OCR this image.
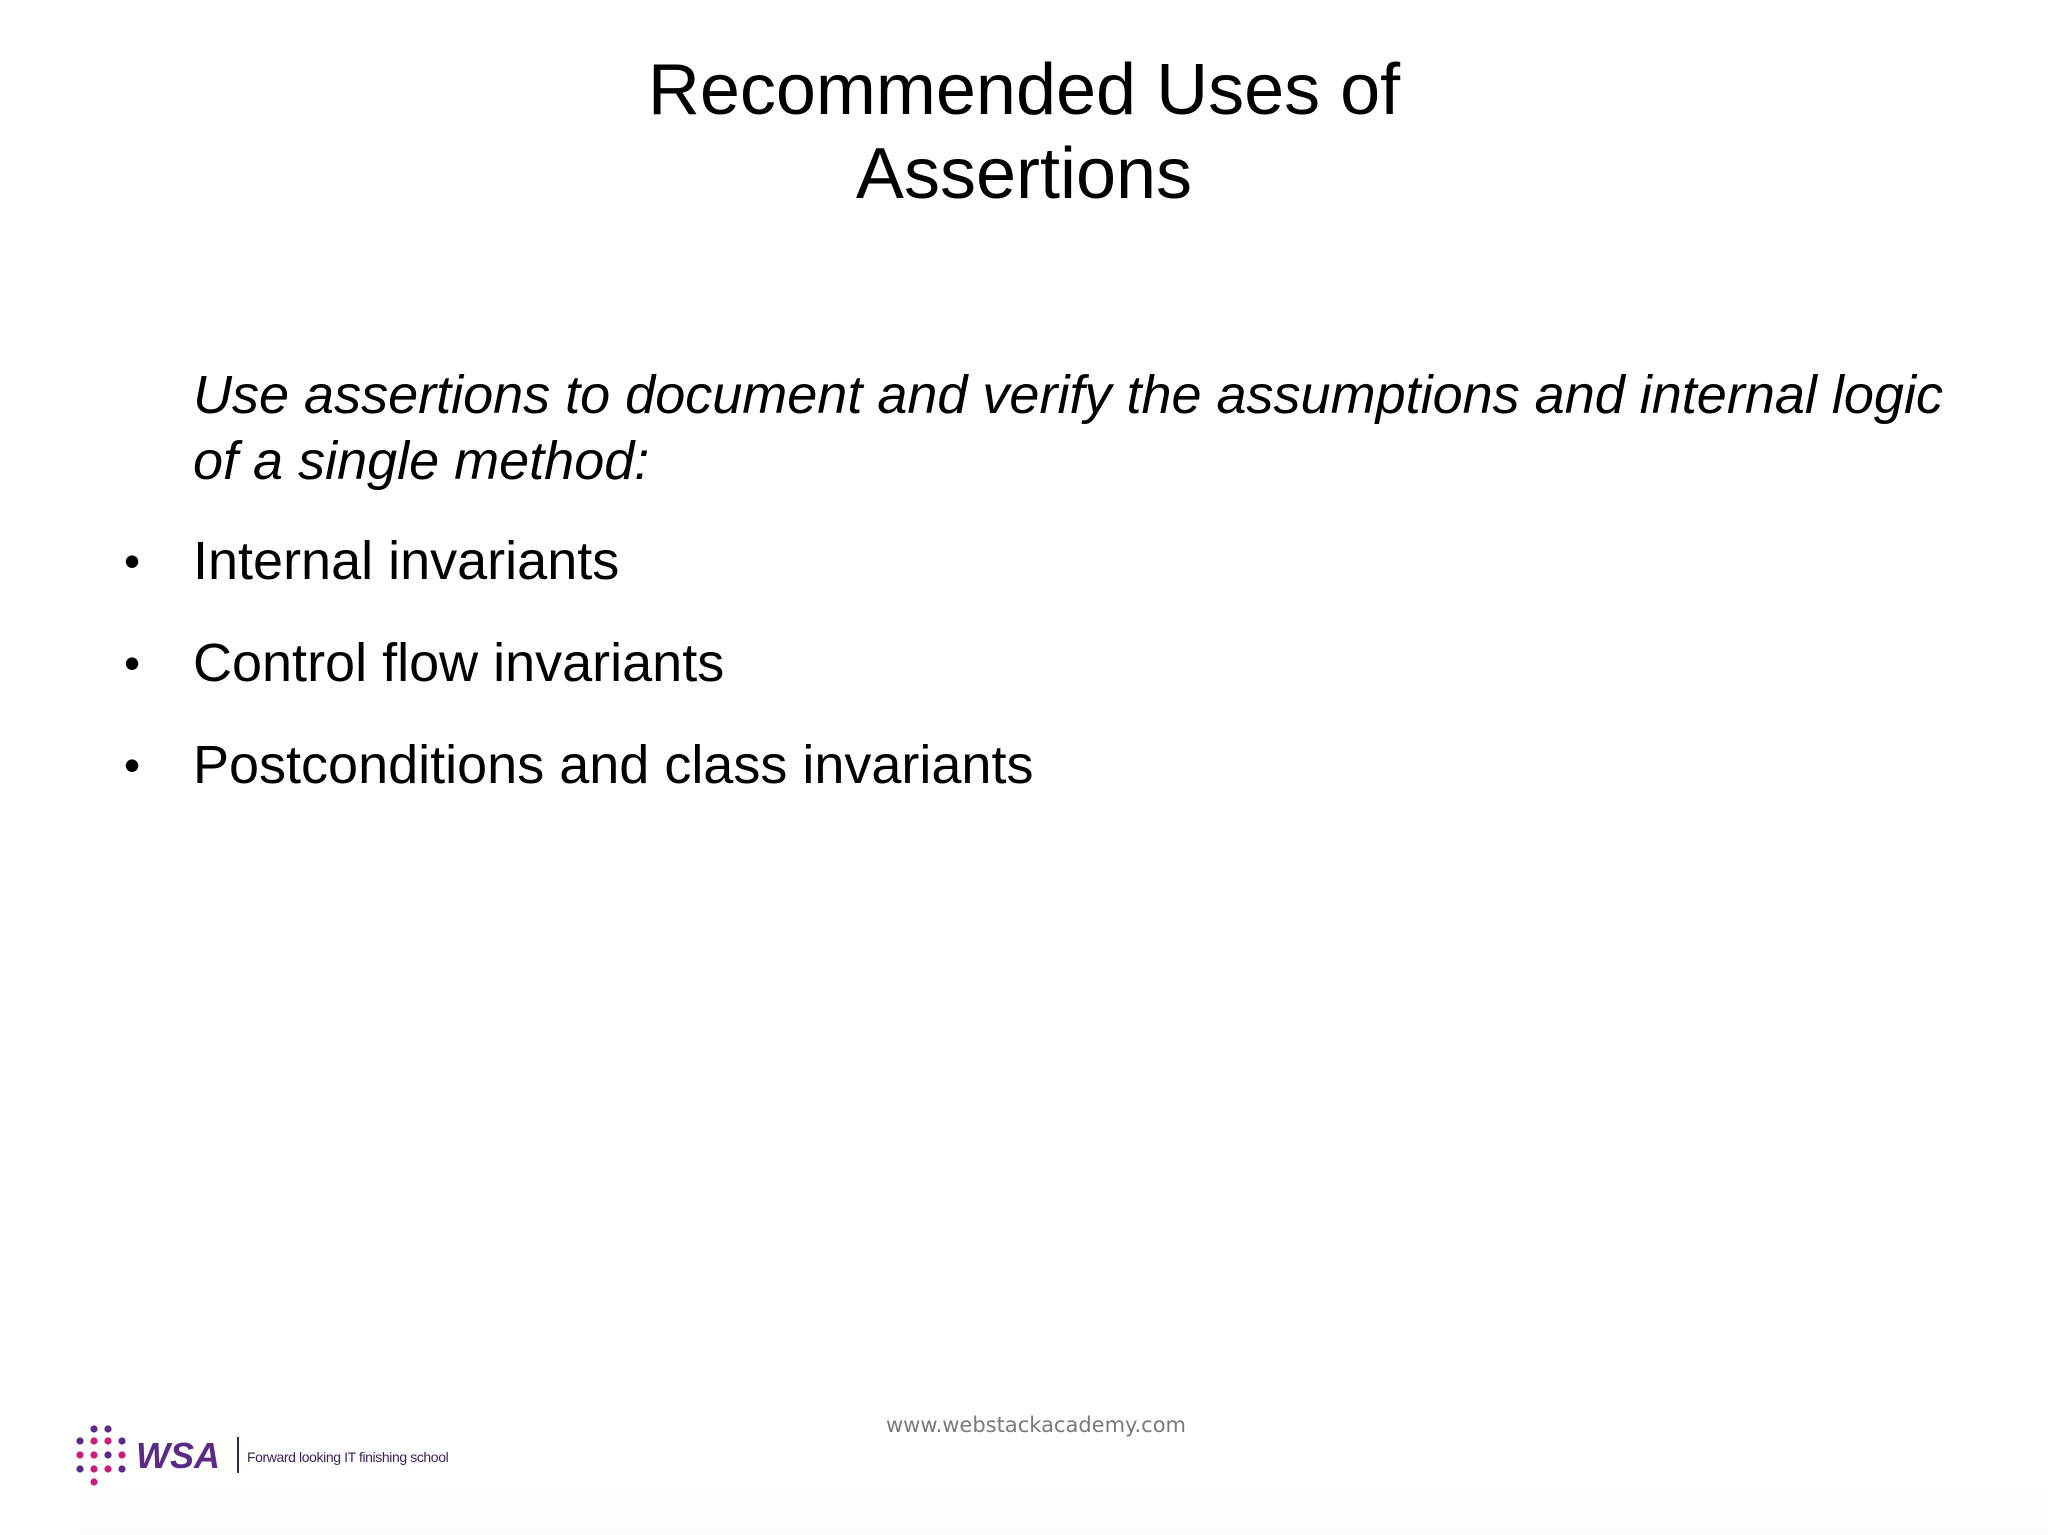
Recommended Uses of
Assertions

Use assertions to document and verify the assumptions and internal logic of a single method:

• Internal invariants
• Control flow invariants
• Postconditions and class invariants
www.webstackacademy.com
WSA Forward looking IT finishing school
